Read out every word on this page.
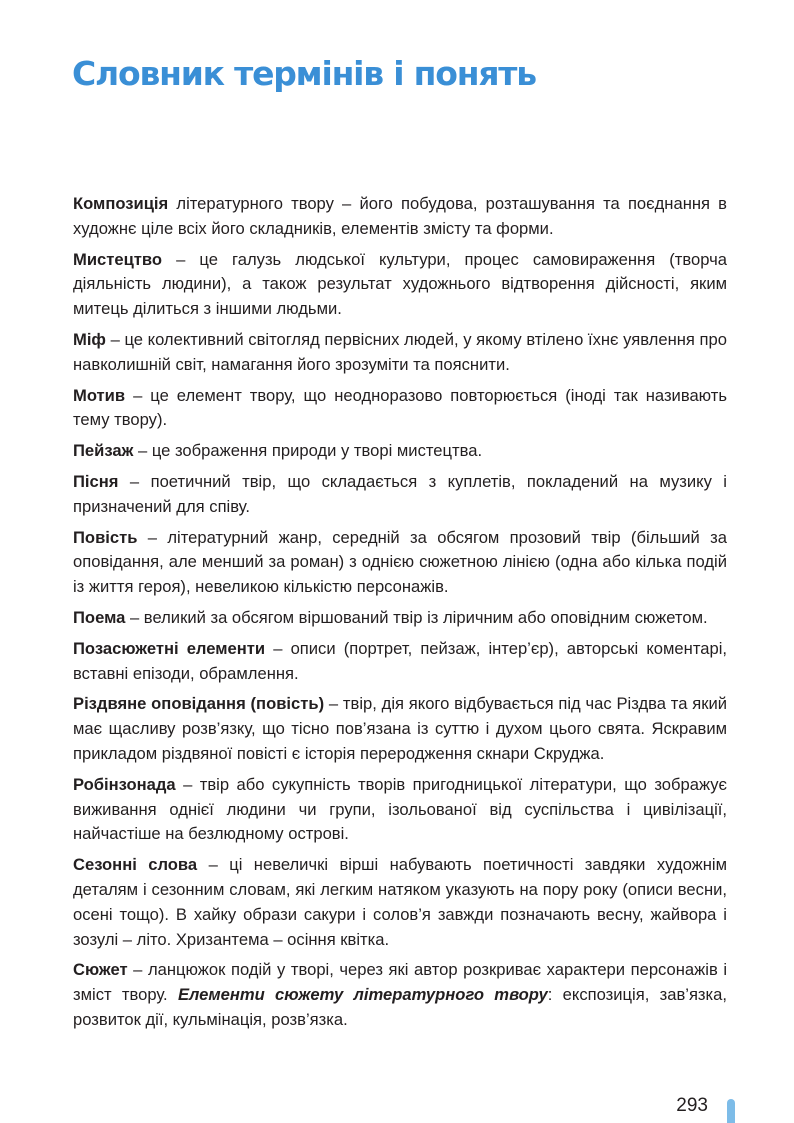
Словник термінів і понять

Композиція літературного твору – його побудова, розташування та поєднання в художнє ціле всіх його складників, елементів змісту та форми.

Мистецтво – це галузь людської культури, процес самовираження (творча діяльність людини), а також результат художнього відтворення дійсності, яким митець ділиться з іншими людьми.

Міф – це колективний світогляд первісних людей, у якому втілено їхнє уявлення про навколишній світ, намагання його зрозуміти та пояснити.

Мотив – це елемент твору, що неодноразово повторюється (іноді так називають тему твору).

Пейзаж – це зображення природи у творі мистецтва.

Пісня – поетичний твір, що складається з куплетів, покладений на музику і призначений для співу.

Повість – літературний жанр, середній за обсягом прозовий твір (більший за оповідання, але менший за роман) з однією сюжетною лінією (одна або кілька подій із життя героя), невеликою кількістю персонажів.

Поема – великий за обсягом віршований твір із ліричним або оповідним сюжетом.

Позасюжетні елементи – описи (портрет, пейзаж, інтер’єр), авторські коментарі, вставні епізоди, обрамлення.

Різдвяне оповідання (повість) – твір, дія якого відбувається під час Різдва та який має щасливу розв’язку, що тісно пов’язана із суттю і духом цього свята. Яскравим прикладом різдвяної повісті є історія переродження скнари Скруджа.

Робінзонада – твір або сукупність творів пригодницької літератури, що зображує виживання однієї людини чи групи, ізольованої від суспільства і цивілізації, найчастіше на безлюдному острові.

Сезонні слова – ці невеличкі вірші набувають поетичності завдяки художнім деталям і сезонним словам, які легким натяком указують на пору року (описи весни, осені тощо). В хайку образи сакури і солов’я завжди позначають весну, жайвора і зозулі – літо. Хризантема – осіння квітка.

Сюжет – ланцюжок подій у творі, через які автор розкриває характери персонажів і зміст твору. Елементи сюжету літературного твору: експозиція, зав’язка, розвиток дії, кульмінація, розв’язка.

293
